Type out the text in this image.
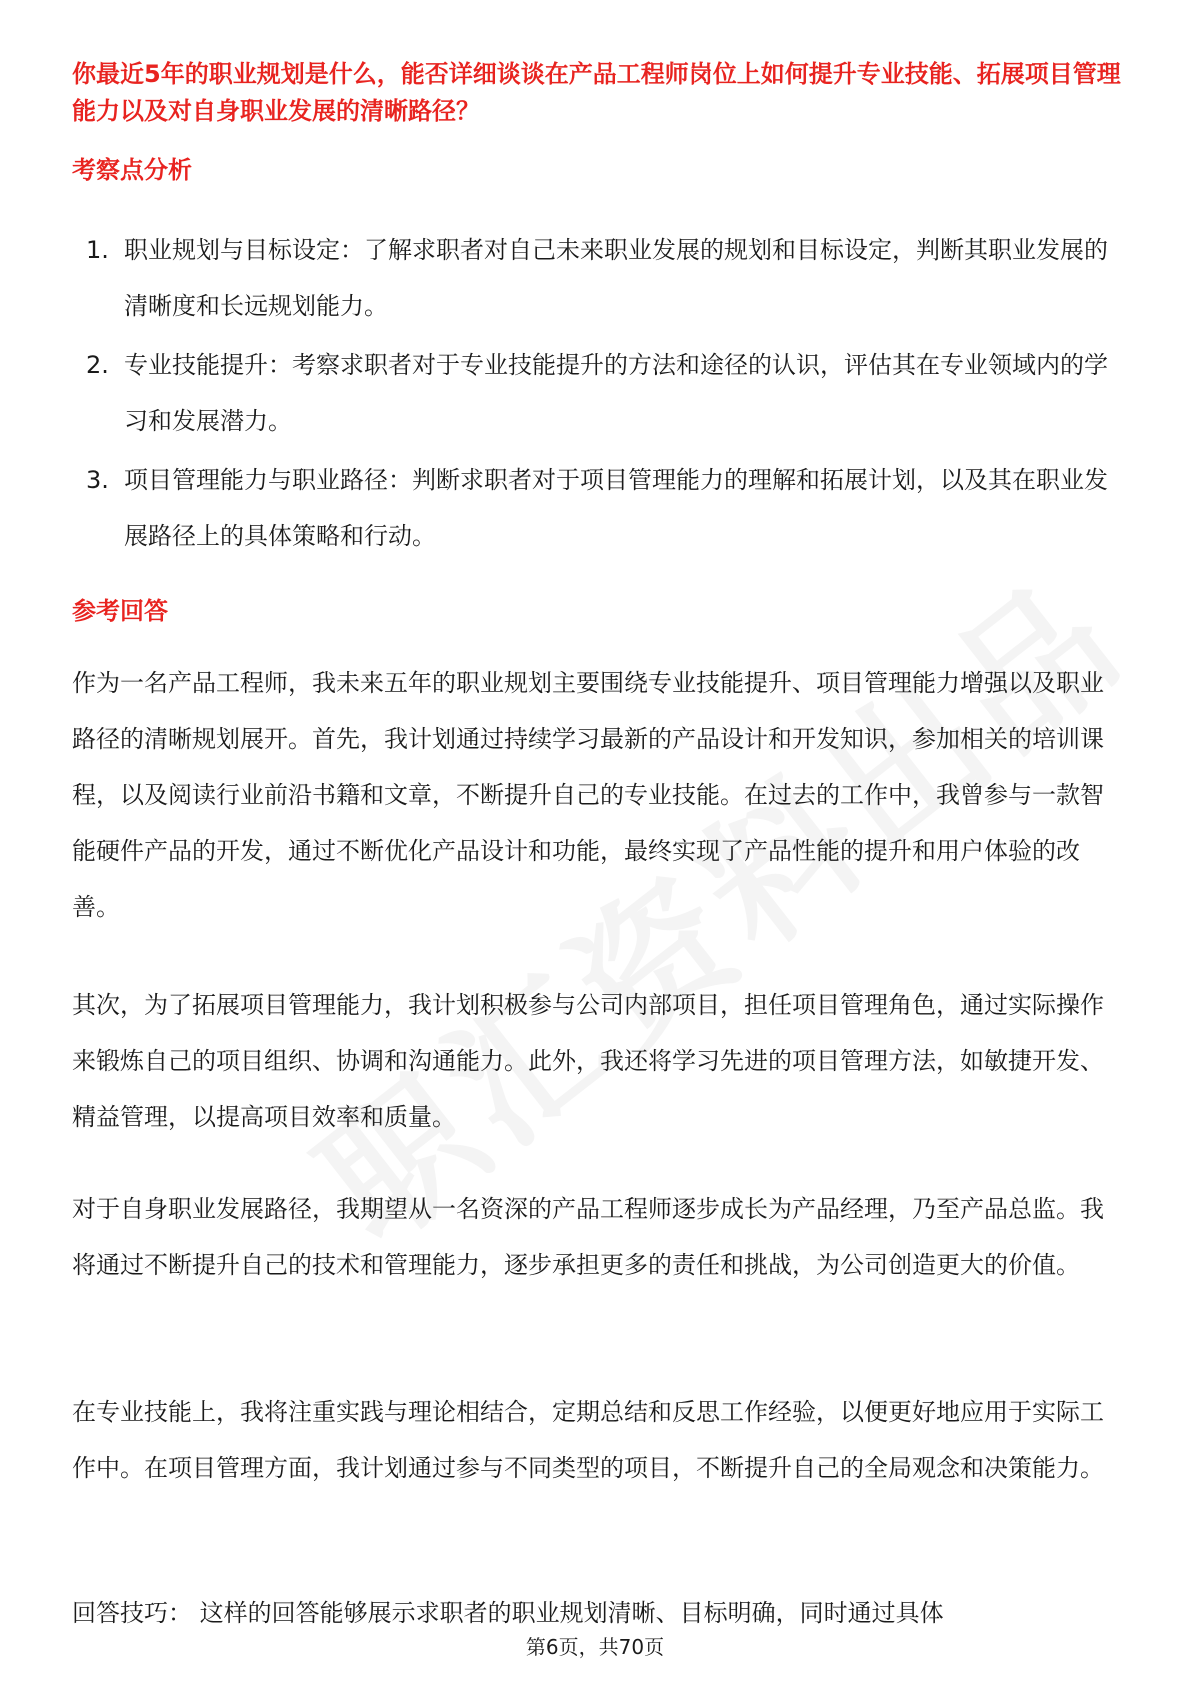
你最近5年的职业规划是什么，能否详细谈谈在产品工程师岗位上如何提升专业技能、拓展项目管理能力以及对自身职业发展的清晰路径？

考察点分析
1. 职业规划与目标设定：了解求职者对自己未来职业发展的规划和目标设定，判断其职业发展的清晰度和长远规划能力。
2. 专业技能提升：考察求职者对于专业技能提升的方法和途径的认识，评估其在专业领域内的学习和发展潜力。
3. 项目管理能力与职业路径：判断求职者对于项目管理能力的理解和拓展计划，以及其在职业发展路径上的具体策略和行动。
参考回答

作为一名产品工程师，我未来五年的职业规划主要围绕专业技能提升、项目管理能力增强以及职业路径的清晰规划展开。首先，我计划通过持续学习最新的产品设计和开发知识，参加相关的培训课程，以及阅读行业前沿书籍和文章，不断提升自己的专业技能。在过去的工作中，我曾参与一款智能硬件产品的开发，通过不断优化产品设计和功能，最终实现了产品性能的提升和用户体验的改善。

其次，为了拓展项目管理能力，我计划积极参与公司内部项目，担任项目管理角色，通过实际操作来锻炼自己的项目组织、协调和沟通能力。此外，我还将学习先进的项目管理方法，如敏捷开发、精益管理，以提高项目效率和质量。

对于自身职业发展路径，我期望从一名资深的产品工程师逐步成长为产品经理，乃至产品总监。我将通过不断提升自己的技术和管理能力，逐步承担更多的责任和挑战，为公司创造更大的价值。

在专业技能上，我将注重实践与理论相结合，定期总结和反思工作经验，以便更好地应用于实际工作中。在项目管理方面，我计划通过参与不同类型的项目，不断提升自己的全局观念和决策能力。

回答技巧： 这样的回答能够展示求职者的职业规划清晰、目标明确，同时通过具体

第6页，共70页
